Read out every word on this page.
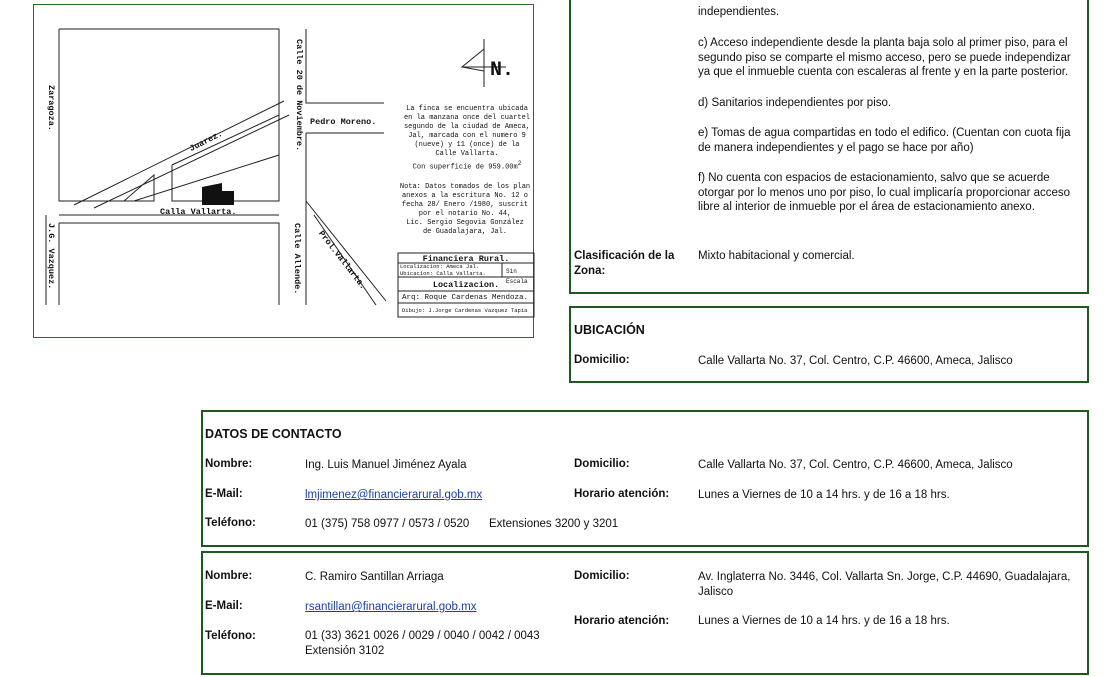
Zaragoza.	Calle 20 de Noviembre. Pedro Moreno.
Juarez.
Calla Vallarta.
J.G. Vazquez.	Calle Allende. Prol.Vallarta.
N.
La finca se encuentra ubicada
en la manzana once del cuartel
segundo de la ciudad de Ameca,
Jal, marcada con el numero 9
(nueve) y 11 (once) de la
Calle Vallarta.
Con superficie de $959.00m^2$
Nota: Datos tomados de los plan
anexos a la escritura No. 12 o
fecha 28/ Enero /1980, suscrit
por el notario No. 44,
Lic. Sergio Segovia González
de Guadalajara, Jal.
Financiera Rural.
Localizacion: Ameca Jal.
Ubicacion: Calla Vallarta.	Sin Escala
Localizacion.
Arq: Roque Cardenas Mendoza.
Dibujo: J.Jorge Cardenas Vazquez Tapia
independientes.
c) Acceso independiente desde la planta baja solo al primer piso, para el
segundo piso se comparte el mismo acceso, pero se puede independizar
ya que el inmueble cuenta con escaleras al frente y en la parte posterior.
d) Sanitarios independientes por piso.
e) Tomas de agua compartidas en todo el edifico. (Cuentan con cuota fija
de manera independientes y el pago se hace por año)
f) No cuenta con espacios de estacionamiento, salvo que se acuerde
otorgar por lo menos uno por piso, lo cual implicaría proporcionar acceso
libre al interior de inmueble por el área de estacionamiento anexo.
Clasificación de la
Zona:
Mixto habitacional y comercial.
UBICACIÓN
Domicilio:	Calle Vallarta No. 37, Col. Centro, C.P. 46600, Ameca, Jalisco
DATOS DE CONTACTO
Nombre:	Ing. Luis Manuel Jiménez Ayala	Domicilio:	Calle Vallarta No. 37, Col. Centro, C.P. 46600, Ameca, Jalisco
E-Mail:	lmjimenez@financierarural.gob.mx	Horario atención:	Lunes a Viernes de 10 a 14 hrs. y de 16 a 18 hrs.
Teléfono:	01 (375) 758 0977 / 0573 / 0520 Extensiones 3200 y 3201
Nombre:	C. Ramiro Santillan Arriaga	Domicilio:	Av. Inglaterra No. 3446, Col. Vallarta Sn. Jorge, C.P. 44690, Guadalajara,
Jalisco
E-Mail:	rsantillan@financierarural.gob.mx
Horario atención:	Lunes a Viernes de 10 a 14 hrs. y de 16 a 18 hrs.
Teléfono:	01 (33) 3621 0026 / 0029 / 0040 / 0042 / 0043
Extensión 3102
